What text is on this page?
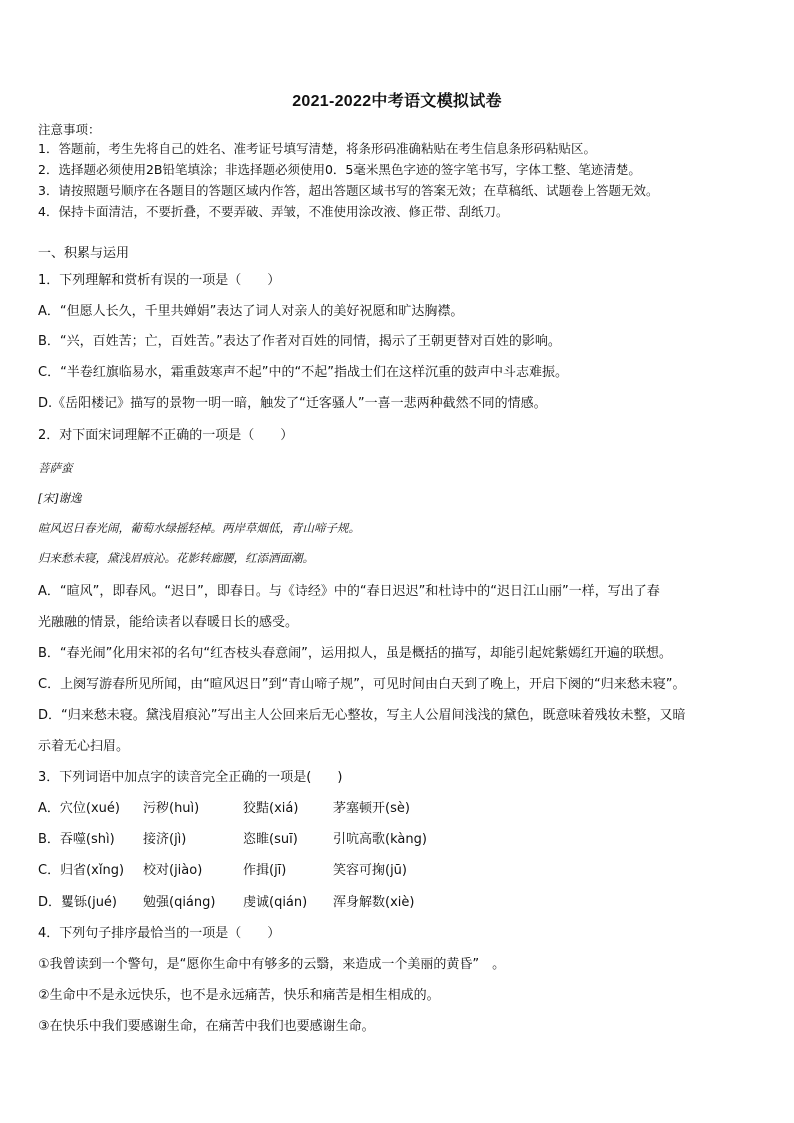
2021-2022中考语文模拟试卷
注意事项：
1．答题前，考生先将自己的姓名、准考证号填写清楚，将条形码准确粘贴在考生信息条形码粘贴区。
2．选择题必须使用2B铅笔填涂；非选择题必须使用0．5毫米黑色字迹的签字笔书写，字体工整、笔迹清楚。
3．请按照题号顺序在各题目的答题区域内作答，超出答题区域书写的答案无效；在草稿纸、试题卷上答题无效。
4．保持卡面清洁，不要折叠，不要弄破、弄皱，不准使用涂改液、修正带、刮纸刀。
一、积累与运用
1．下列理解和赏析有误的一项是（　　）
A．“但愿人长久，千里共婵娟”表达了词人对亲人的美好祝愿和旷达胸襟。
B．“兴，百姓苦；亡，百姓苦。”表达了作者对百姓的同情，揭示了王朝更替对百姓的影响。
C．“半卷红旗临易水，霜重鼓寒声不起”中的“不起”指战士们在这样沉重的鼓声中斗志难振。
D.《岳阳楼记》描写的景物一明一暗，触发了“迁客骚人”一喜一悲两种截然不同的情感。
2．对下面宋词理解不正确的一项是（　　）
菩萨蛮
[宋]谢逸
暄风迟日春光闹，葡萄水绿摇轻棹。两岸草烟低，青山啼子规。
归来愁未寝，黛浅眉痕沁。花影转廊腰，红添酒面潮。
A．“暄风”，即春风。“迟日”，即春日。与《诗经》中的“春日迟迟”和杜诗中的“迟日江山丽”一样，写出了春
光融融的情景，能给读者以春暖日长的感受。
B．“春光闹”化用宋祁的名句“红杏枝头春意闹”，运用拟人，虽是概括的描写，却能引起姹紫嫣红开遍的联想。
C．上阕写游春所见所闻，由“暄风迟日”到“青山啼子规”，可见时间由白天到了晚上，开启下阕的“归来愁未寝”。
D．“归来愁未寝。黛浅眉痕沁”写出主人公回来后无心整妆，写主人公眉间浅浅的黛色，既意味着残妆未整，又暗
示着无心扫眉。
3．下列词语中加点字的读音完全正确的一项是(　　)
A．穴位(xué) 污秽(huì)	狡黠(xiá)	茅塞顿开(sè)
B．吞噬(shì) 接济(jì)	恣睢(suī)	引吭高歌(kàng)
C．归省(xǐng) 校对(jiào)	作揖(jī)	笑容可掬(jū)
D．矍铄(jué) 勉强(qiáng) 虔诚(qián) 浑身解数(xiè)
4．下列句子排序最恰当的一项是（　　）
①我曾读到一个警句，是“愿你生命中有够多的云翳，来造成一个美丽的黄昏”　。
②生命中不是永远快乐，也不是永远痛苦，快乐和痛苦是相生相成的。
③在快乐中我们要感谢生命，在痛苦中我们也要感谢生命。
